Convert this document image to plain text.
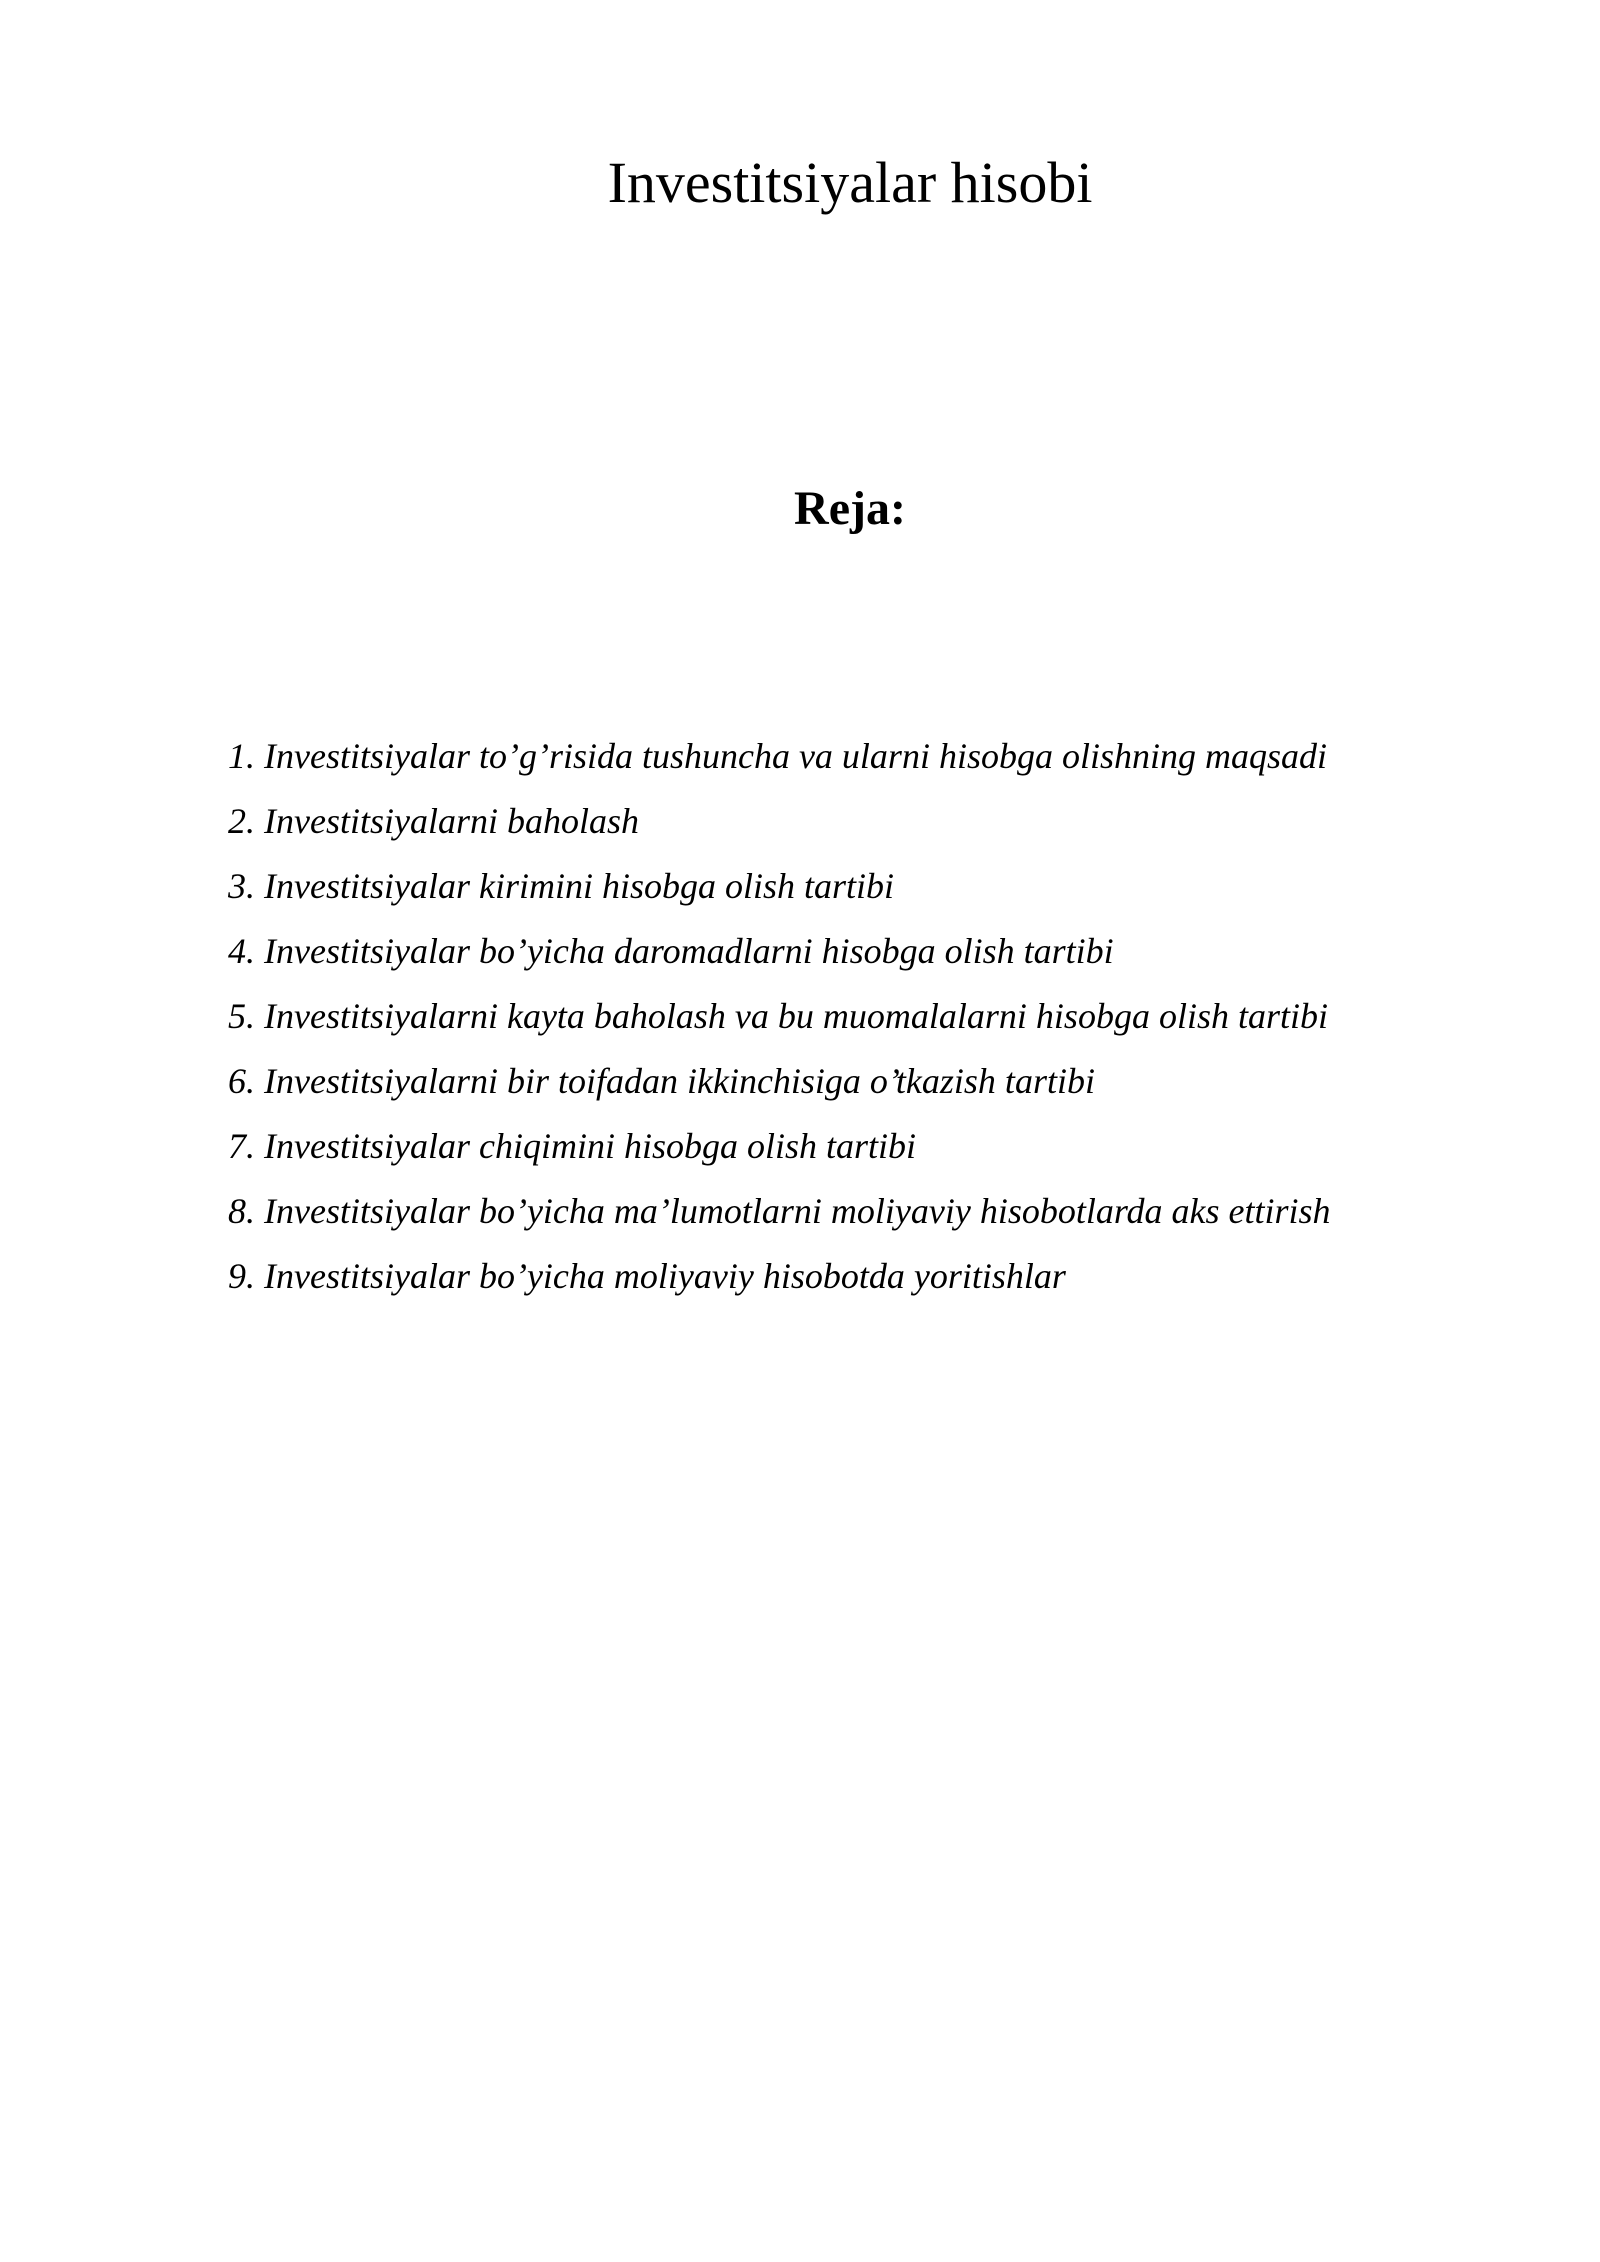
Investitsiyalar hisobi
Reja:
1. Investitsiyalar to’g’risida tushuncha va ularni hisobga olishning maqsadi
2. Investitsiyalarni baholash
3. Investitsiyalar kirimini hisobga olish tartibi
4. Investitsiyalar bo’yicha daromadlarni hisobga olish tartibi
5. Investitsiyalarni kayta baholash va bu muomalalarni hisobga olish tartibi
6. Investitsiyalarni bir toifadan ikkinchisiga o’tkazish tartibi
7. Investitsiyalar chiqimini hisobga olish tartibi
8. Investitsiyalar bo’yicha ma’lumotlarni moliyaviy hisobotlarda aks ettirish
9. Investitsiyalar bo’yicha moliyaviy hisobotda yoritishlar
